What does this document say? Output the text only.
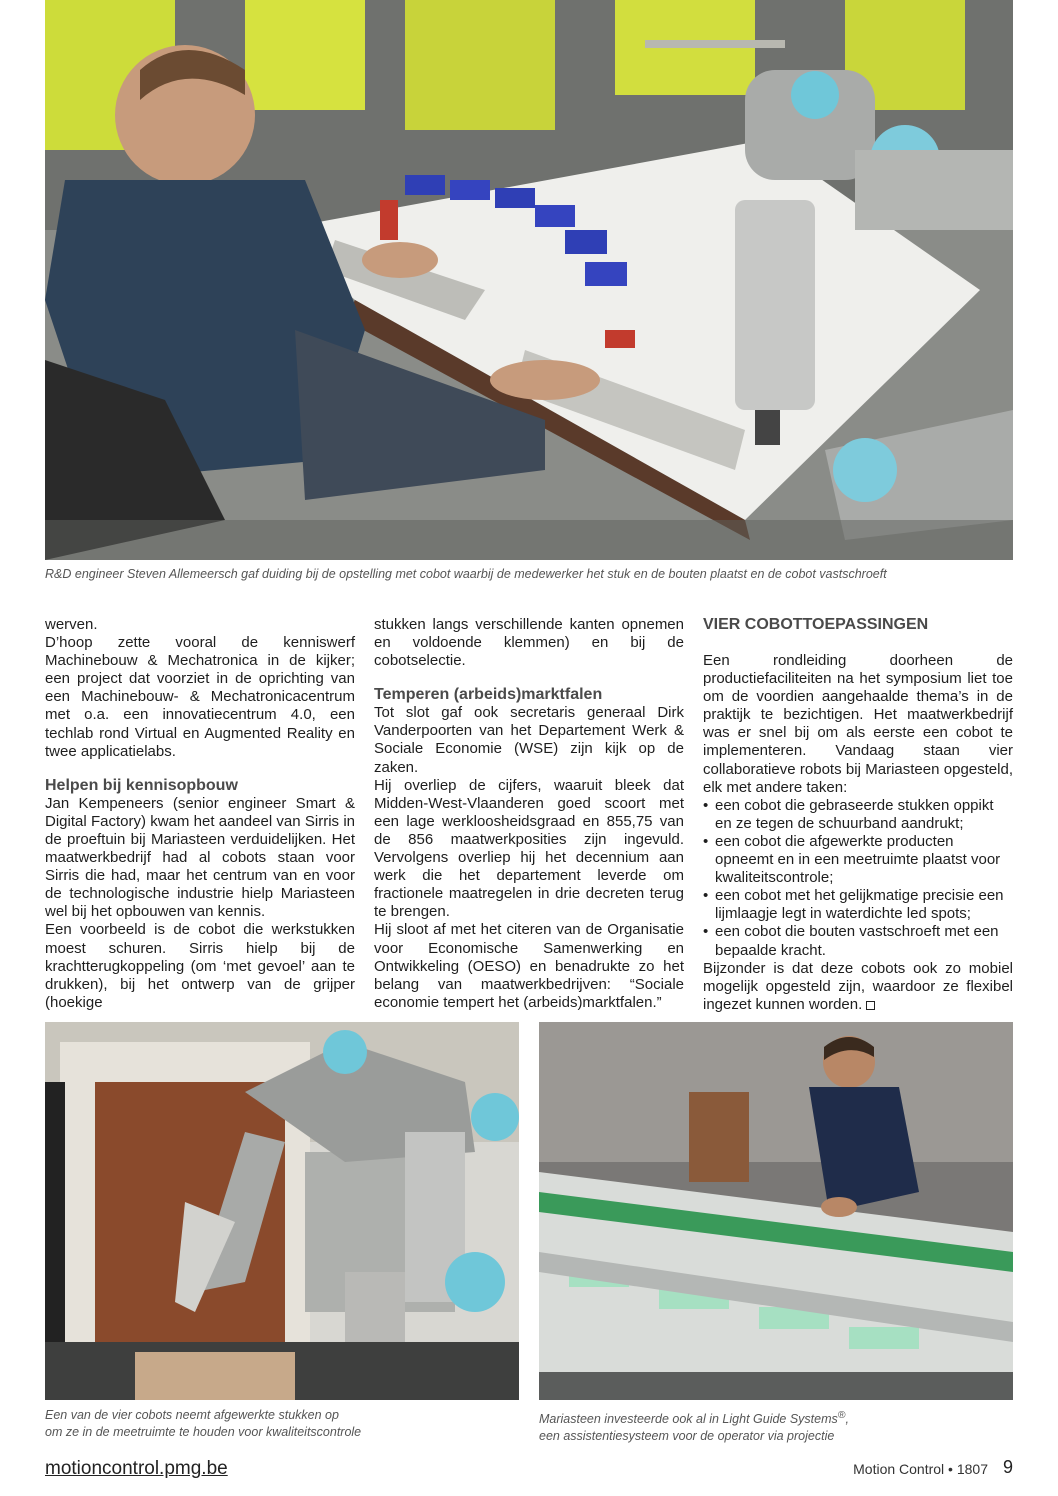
R&D engineer Steven Allemeersch gaf duiding bij de opstelling met cobot waarbij de medewerker het stuk en de bouten plaatst en de cobot vastschroeft

werven.

D’hoop zette vooral de kenniswerf Machinebouw & Mechatronica in de kijker; een project dat voorziet in de oprichting van een Machinebouw- & Mechatronicacentrum met o.a. een innovatiecentrum 4.0, een techlab rond Virtual en Augmented Reality en twee applicatielabs.

Helpen bij kennisopbouw

Jan Kempeneers (senior engineer Smart & Digital Factory) kwam het aandeel van Sirris in de proeftuin bij Mariasteen verduidelijken. Het maatwerkbedrijf had al cobots staan voor Sirris die had, maar het centrum van en voor de technologische industrie hielp Mariasteen wel bij het opbouwen van kennis.

Een voorbeeld is de cobot die werkstukken moest schuren. Sirris hielp bij de krachtterugkoppeling (om ‘met gevoel’ aan te drukken), bij het ontwerp van de grijper (hoekige

stukken langs verschillende kanten opnemen en voldoende klemmen) en bij de cobotselectie.

Temperen (arbeids)marktfalen

Tot slot gaf ook secretaris generaal Dirk Vanderpoorten van het Departement Werk & Sociale Economie (WSE) zijn kijk op de zaken.

Hij overliep de cijfers, waaruit bleek dat Midden-West-Vlaanderen goed scoort met een lage werkloosheidsgraad en 855,75 van de 856 maatwerkposities zijn ingevuld. Vervolgens overliep hij het decennium aan werk die het departement leverde om fractionele maatregelen in drie decreten terug te brengen.

Hij sloot af met het citeren van de Organisatie voor Economische Samenwerking en Ontwikkeling (OESO) en benadrukte zo het belang van maatwerkbedrijven: “Sociale economie tempert het (arbeids)marktfalen.”

VIER COBOTTOEPASSINGEN

Een rondleiding doorheen de productiefaciliteiten na het symposium liet toe om de voordien aangehaalde thema’s in de praktijk te bezichtigen. Het maatwerkbedrijf was er snel bij om als eerste een cobot te implementeren. Vandaag staan vier collaboratieve robots bij Mariasteen opgesteld, elk met andere taken:

• een cobot die gebraseerde stukken oppikt en ze tegen de schuurband aandrukt;
• een cobot die afgewerkte producten opneemt en in een meetruimte plaatst voor kwaliteitscontrole;
• een cobot met het gelijkmatige precisie een lijmlaagje legt in waterdichte led spots;
• een cobot die bouten vastschroeft met een bepaalde kracht.

Bijzonder is dat deze cobots ook zo mobiel mogelijk opgesteld zijn, waardoor ze flexibel ingezet kunnen worden.

Een van de vier cobots neemt afgewerkte stukken op
om ze in de meetruimte te houden voor kwaliteitscontrole

Mariasteen investeerde ook al in Light Guide Systems®,
een assistentiesysteem voor de operator via projectie

motioncontrol.pmg.be	Motion Control • 1807 9
